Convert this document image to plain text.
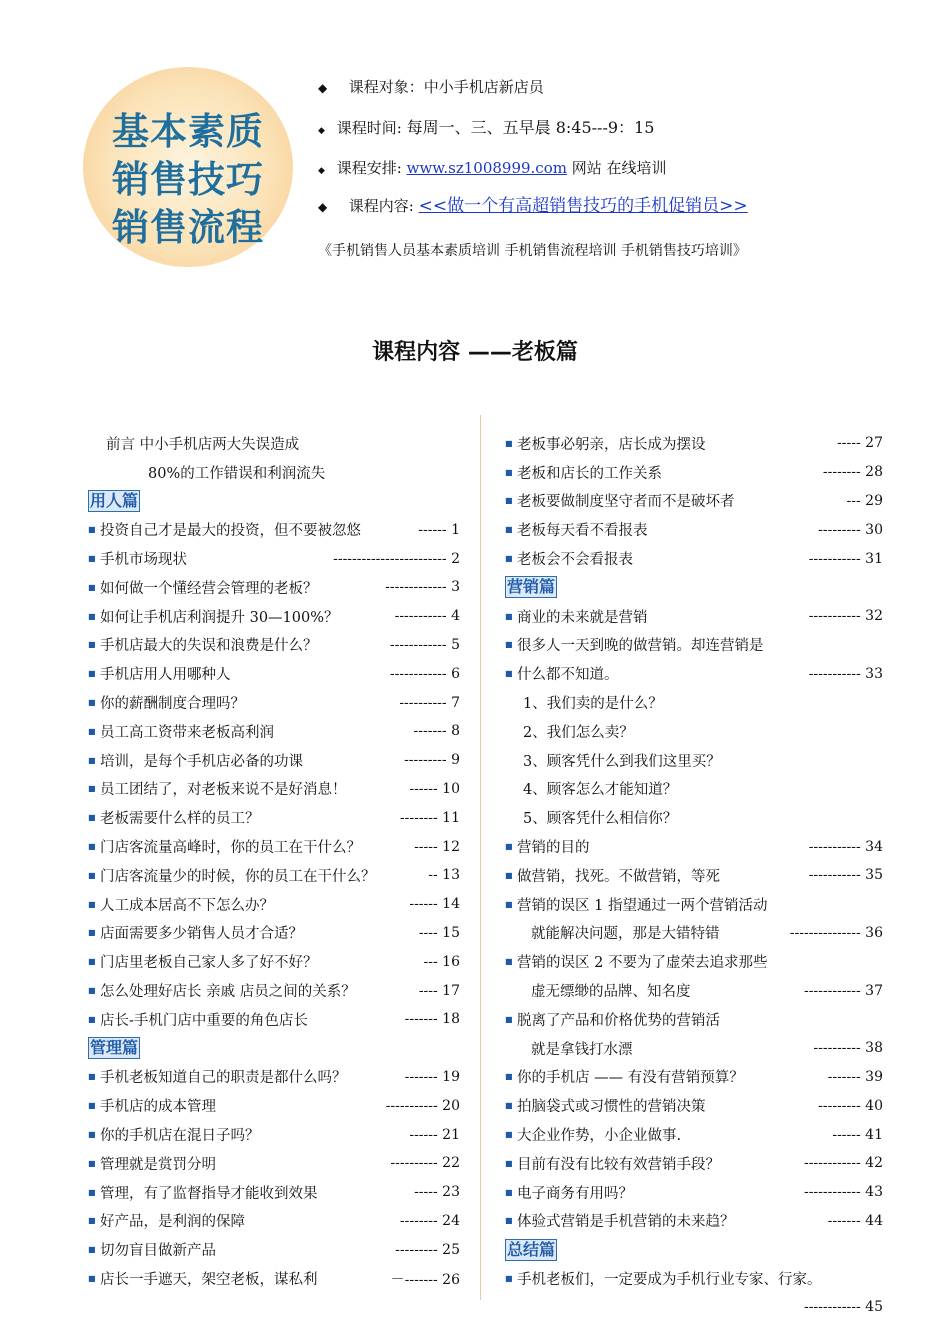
基本素质
销售技巧
销售流程
◆ 课程对象：中小手机店新店员
◆ 课程时间: 每周一、三、五早晨 8:45---9：15
◆ 课程安排: www.sz1008999.com 网站 在线培训
◆ 课程内容: <<做一个有高超销售技巧的手机促销员>>
《手机销售人员基本素质培训 手机销售流程培训 手机销售技巧培训》
课程内容 ——老板篇
前言 中小手机店两大失误造成
80%的工作错误和利润流失
用人篇
■ 投资自己才是最大的投资，但不要被忽悠	------ 1
■ 手机市场现状	------------------------ 2
■ 如何做一个懂经营会管理的老板？	------------- 3
■ 如何让手机店利润提升 30—100%？	----------- 4
■ 手机店最大的失误和浪费是什么？	------------ 5
■ 手机店用人用哪种人	------------ 6
■ 你的薪酬制度合理吗？	---------- 7
■ 员工高工资带来老板高利润	------- 8
■ 培训，是每个手机店必备的功课	--------- 9
■ 员工团结了，对老板来说不是好消息！	------ 10
■ 老板需要什么样的员工？	-------- 11
■ 门店客流量高峰时，你的员工在干什么？	----- 12
■ 门店客流量少的时候，你的员工在干什么？	-- 13
■ 人工成本居高不下怎么办？	------ 14
■ 店面需要多少销售人员才合适？	---- 15
■ 门店里老板自己家人多了好不好？	--- 16
■ 怎么处理好店长 亲戚 店员之间的关系？	---- 17
■ 店长-手机门店中重要的角色店长	------- 18
管理篇
■ 手机老板知道自己的职责是都什么吗？	------- 19
■ 手机店的成本管理	----------- 20
■ 你的手机店在混日子吗？	------ 21
■ 管理就是赏罚分明	---------- 22
■ 管理，有了监督指导才能收到效果	----- 23
■ 好产品，是利润的保障	-------- 24
■ 切勿盲目做新产品	--------- 25
■ 店长一手遮天，架空老板，谋私利	－------- 26
■ 老板事必躬亲，店长成为摆设	----- 27
■ 老板和店长的工作关系	-------- 28
■ 老板要做制度坚守者而不是破坏者	--- 29
■ 老板每天看不看报表	--------- 30
■ 老板会不会看报表	----------- 31
营销篇
■ 商业的未来就是营销	----------- 32
■ 很多人一天到晚的做营销。却连营销是
■ 什么都不知道。	----------- 33
1、我们卖的是什么？
2、我们怎么卖？
3、顾客凭什么到我们这里买？
4、顾客怎么才能知道？
5、顾客凭什么相信你？
■ 营销的目的	----------- 34
■ 做营销，找死。不做营销，等死	----------- 35
■ 营销的误区 1 指望通过一两个营销活动
就能解决问题，那是大错特错	--------------- 36
■ 营销的误区 2 不要为了虚荣去追求那些
虚无缥缈的品牌、知名度	------------ 37
■ 脱离了产品和价格优势的营销活
就是拿钱打水漂	---------- 38
■ 你的手机店 —— 有没有营销预算？	------- 39
■ 拍脑袋式或习惯性的营销决策	--------- 40
■ 大企业作势，小企业做事.	------ 41
■ 目前有没有比较有效营销手段？	------------ 42
■ 电子商务有用吗？	------------ 43
■ 体验式营销是手机营销的未来趋？	------- 44
总结篇
■ 手机老板们，一定要成为手机行业专家、行家。
------------ 45
